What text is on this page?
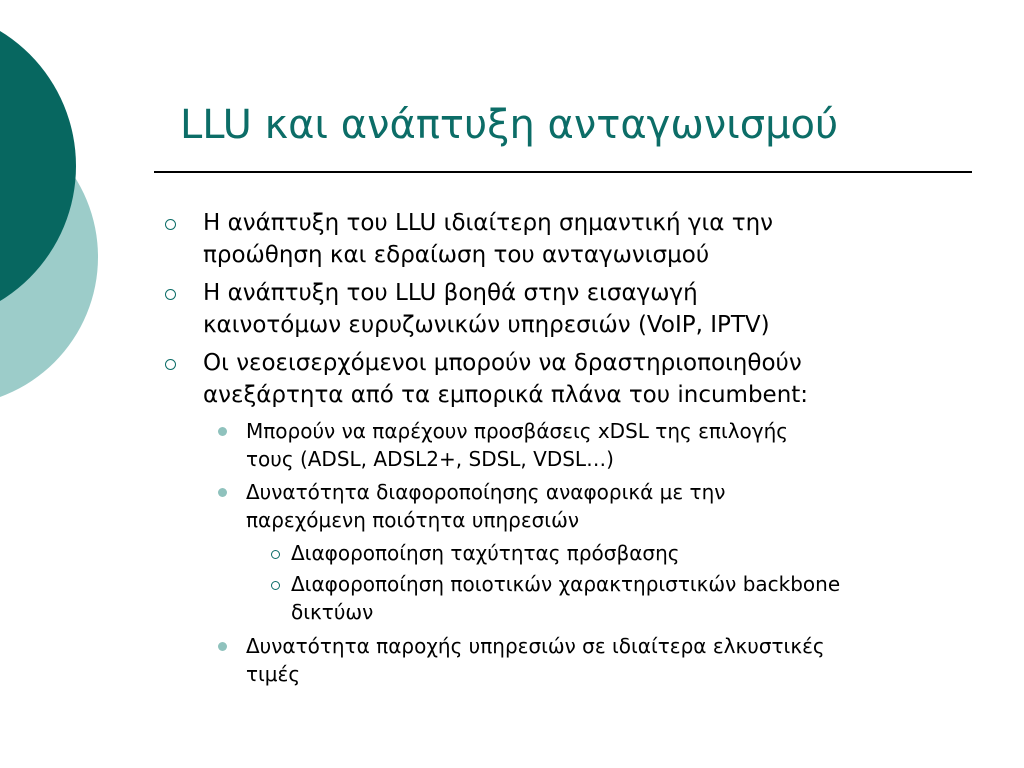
LLU και ανάπτυξη ανταγωνισμού
Η ανάπτυξη του LLU ιδιαίτερη σημαντική για την
προώθηση και εδραίωση του ανταγωνισμού
Η ανάπτυξη του LLU βοηθά στην εισαγωγή
καινοτόμων ευρυζωνικών υπηρεσιών (VoIP, IPTV)
Οι νεοεισερχόμενοι μπορούν να δραστηριοποιηθούν
ανεξάρτητα από τα εμπορικά πλάνα του incumbent:
Μπορούν να παρέχουν προσβάσεις xDSL της επιλογής
τους (ADSL, ADSL2+, SDSL, VDSL…)
Δυνατότητα διαφοροποίησης αναφορικά με την
παρεχόμενη ποιότητα υπηρεσιών
Διαφοροποίηση ταχύτητας πρόσβασης
Διαφοροποίηση ποιοτικών χαρακτηριστικών backbone
δικτύων
Δυνατότητα παροχής υπηρεσιών σε ιδιαίτερα ελκυστικές
τιμές
